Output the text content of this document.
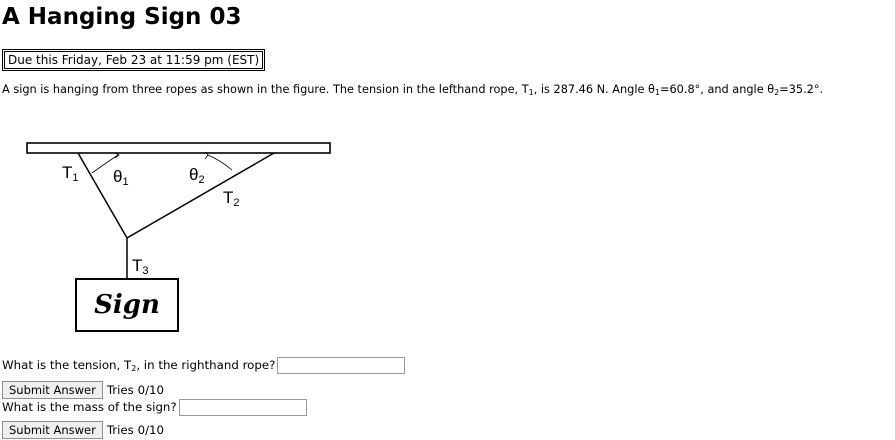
A Hanging Sign 03
Due this Friday, Feb 23 at 11:59 pm (EST)

A sign is hanging from three ropes as shown in the figure. The tension in the lefthand rope, $T_1$, is 287.46 N. Angle $\theta_1=60.8^\circ$, and angle $\theta_2=35.2^\circ$.

T1 θ1	θ2
T2
T3
Sign
What is the tension, $T_2$, in the righthand rope?
Submit Answer Tries 0/10
What is the mass of the sign?
Submit Answer Tries 0/10
